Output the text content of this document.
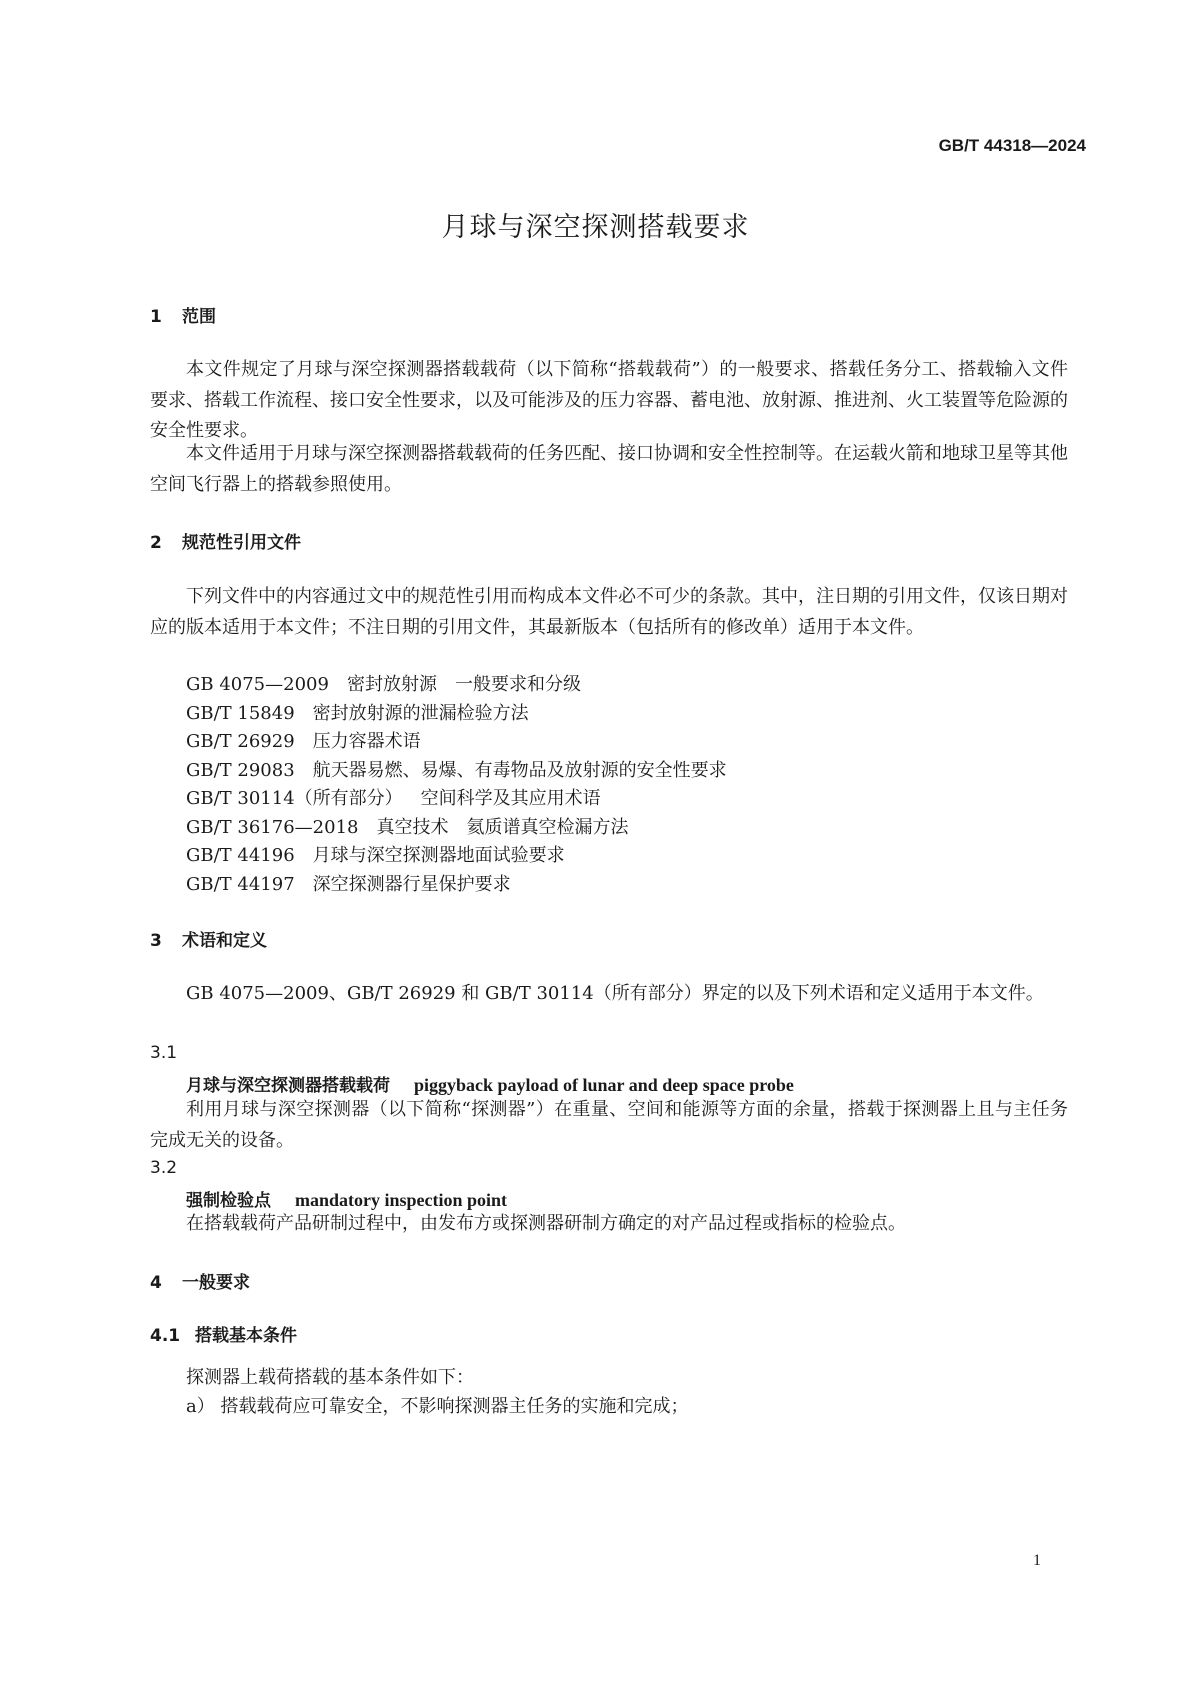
GB/T 44318—2024
月球与深空探测搭载要求
1 范围
本文件规定了月球与深空探测器搭载载荷（以下简称“搭载载荷”）的一般要求、搭载任务分工、搭载输入文件要求、搭载工作流程、接口安全性要求，以及可能涉及的压力容器、蓄电池、放射源、推进剂、火工装置等危险源的安全性要求。
本文件适用于月球与深空探测器搭载载荷的任务匹配、接口协调和安全性控制等。在运载火箭和地球卫星等其他空间飞行器上的搭载参照使用。
2 规范性引用文件
下列文件中的内容通过文中的规范性引用而构成本文件必不可少的条款。其中，注日期的引用文件，仅该日期对应的版本适用于本文件；不注日期的引用文件，其最新版本（包括所有的修改单）适用于本文件。
GB 4075—2009 密封放射源　一般要求和分级
GB/T 15849 密封放射源的泄漏检验方法
GB/T 26929 压力容器术语
GB/T 29083 航天器易燃、易爆、有毒物品及放射源的安全性要求
GB/T 30114（所有部分） 空间科学及其应用术语
GB/T 36176—2018 真空技术　氦质谱真空检漏方法
GB/T 44196 月球与深空探测器地面试验要求
GB/T 44197 深空探测器行星保护要求
3 术语和定义
GB 4075—2009、GB/T 26929 和 GB/T 30114（所有部分）界定的以及下列术语和定义适用于本文件。
3.1
月球与深空探测器搭载载荷 piggyback payload of lunar and deep space probe
利用月球与深空探测器（以下简称“探测器”）在重量、空间和能源等方面的余量，搭载于探测器上且与主任务完成无关的设备。
3.2
强制检验点 mandatory inspection point
在搭载载荷产品研制过程中，由发布方或探测器研制方确定的对产品过程或指标的检验点。
4 一般要求
4.1 搭载基本条件
探测器上载荷搭载的基本条件如下：
a） 搭载载荷应可靠安全，不影响探测器主任务的实施和完成；
1
